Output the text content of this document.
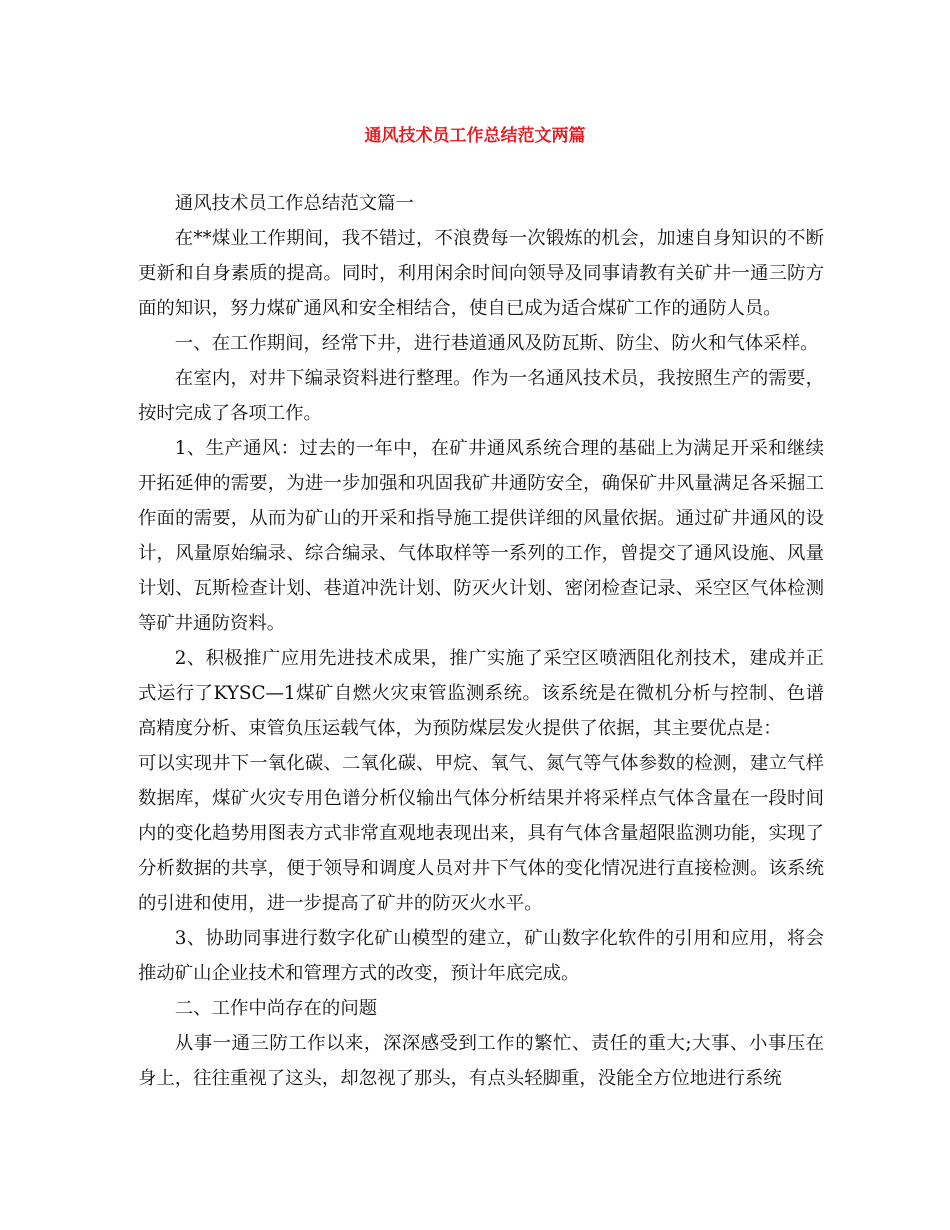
通风技术员工作总结范文两篇

通风技术员工作总结范文篇一

在**煤业工作期间，我不错过，不浪费每一次锻炼的机会，加速自身知识的不断更新和自身素质的提高。同时，利用闲余时间向领导及同事请教有关矿井一通三防方面的知识，努力煤矿通风和安全相结合，使自已成为适合煤矿工作的通防人员。

一、在工作期间，经常下井，进行巷道通风及防瓦斯、防尘、防火和气体采样。

在室内，对井下编录资料进行整理。作为一名通风技术员，我按照生产的需要，按时完成了各项工作。

1、生产通风：过去的一年中，在矿井通风系统合理的基础上为满足开采和继续开拓延伸的需要，为进一步加强和巩固我矿井通防安全，确保矿井风量满足各采掘工作面的需要，从而为矿山的开采和指导施工提供详细的风量依据。通过矿井通风的设计，风量原始编录、综合编录、气体取样等一系列的工作，曾提交了通风设施、风量计划、瓦斯检查计划、巷道冲洗计划、防灭火计划、密闭检查记录、采空区气体检测等矿井通防资料。

2、积极推广应用先进技术成果，推广实施了采空区喷洒阻化剂技术，建成并正式运行了KYSC—1煤矿自燃火灾束管监测系统。该系统是在微机分析与控制、色谱高精度分析、束管负压运载气体，为预防煤层发火提供了依据，其主要优点是：

可以实现井下一氧化碳、二氧化碳、甲烷、氧气、氮气等气体参数的检测，建立气样数据库，煤矿火灾专用色谱分析仪输出气体分析结果并将采样点气体含量在一段时间内的变化趋势用图表方式非常直观地表现出来，具有气体含量超限监测功能，实现了分析数据的共享，便于领导和调度人员对井下气体的变化情况进行直接检测。该系统的引进和使用，进一步提高了矿井的防灭火水平。

3、协助同事进行数字化矿山模型的建立，矿山数字化软件的引用和应用，将会推动矿山企业技术和管理方式的改变，预计年底完成。

二、工作中尚存在的问题

从事一通三防工作以来，深深感受到工作的繁忙、责任的重大;大事、小事压在身上，往往重视了这头，却忽视了那头，有点头轻脚重，没能全方位地进行系统
